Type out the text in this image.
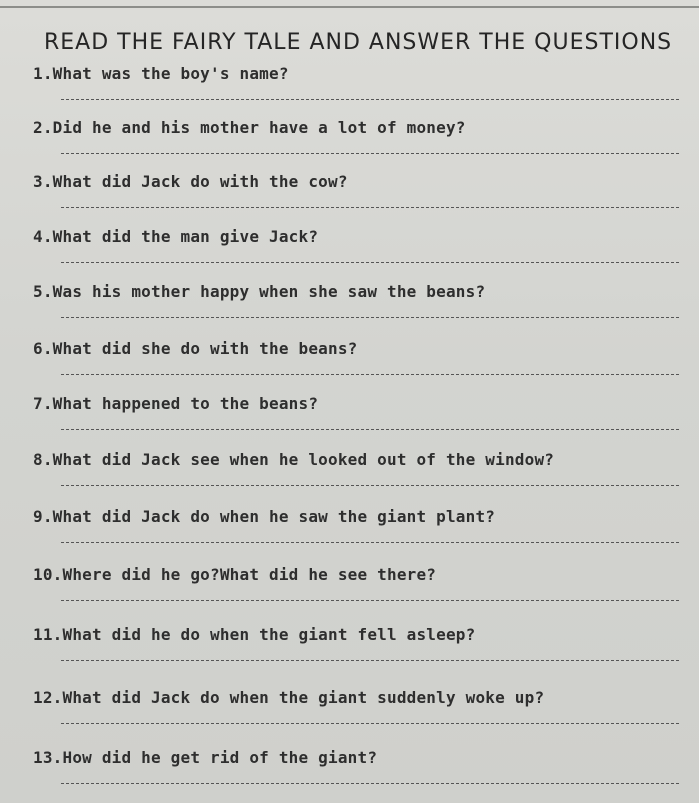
READ THE FAIRY TALE AND ANSWER THE QUESTIONS
1.What was the boy's name?
2.Did he and his mother have a lot of money?
3.What did Jack do with the cow?
4.What did the man give Jack?
5.Was his mother happy when she saw the beans?
6.What did she do with the beans?
7.What happened to the beans?
8.What did Jack see when he looked out of the window?
9.What did Jack do when he saw the giant plant?
10.Where did he go?What did he see there?
11.What did he do when the giant fell asleep?
12.What did Jack do when the giant suddenly woke up?
13.How did he get rid of the giant?
